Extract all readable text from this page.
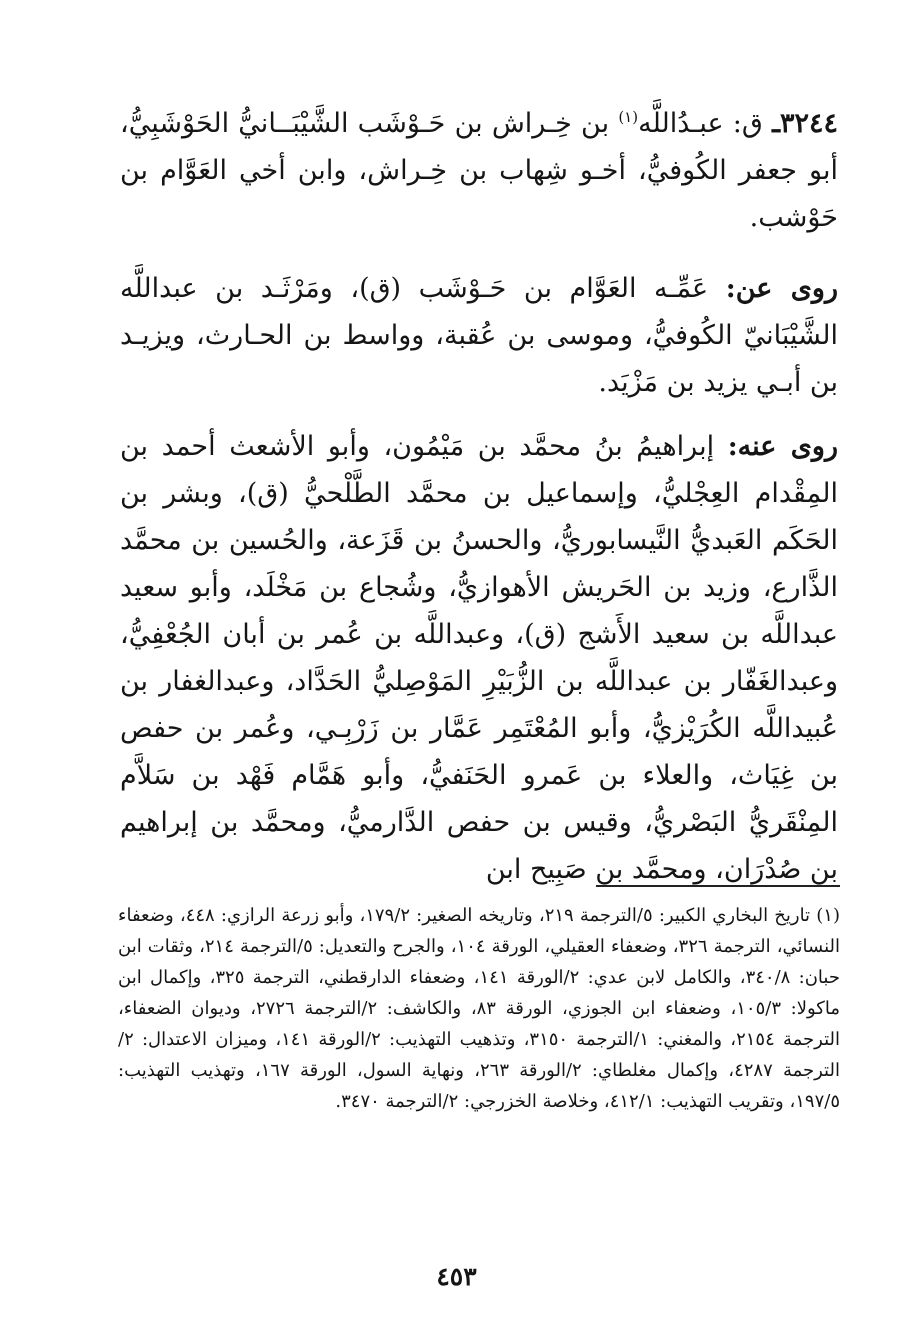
٣٢٤٤ـ ق: عبـدُاللَّه$^{(١)}$ بن خِـراش بن حَـوْشَب الشَّيْبَــانيُّ الحَوْشَبِيُّ، أبو جعفر الكُوفيُّ، أخـو شِهاب بن خِـراش، وابن أخي العَوَّام بن حَوْشب.

روى عن: عَمِّـه العَوَّام بن حَـوْشَب (ق)، ومَرْثَـد بن عبداللَّه الشَّيْبَانيّ الكُوفيُّ، وموسى بن عُقبة، وواسط بن الحـارث، ويزيـد بن أبـي يزيد بن مَزْيَد.

روى عنه: إبراهيمُ بنُ محمَّد بن مَيْمُون، وأبو الأشعث أحمد بن المِقْدام العِجْليُّ، وإسماعيل بن محمَّد الطَّلْحيُّ (ق)، وبشر بن الحَكَم العَبديُّ النَّيسابوريُّ، والحسنُ بن قَزَعة، والحُسين بن محمَّد الذَّارع، وزيد بن الحَريش الأهوازيُّ، وشُجاع بن مَخْلَد، وأبو سعيد عبداللَّه بن سعيد الأَشج (ق)، وعبداللَّه بن عُمر بن أبان الجُعْفِيُّ، وعبدالغَفّار بن عبداللَّه بن الزُّبَيْرِ المَوْصِليُّ الحَدَّاد، وعبدالغفار بن عُبيداللَّه الكُرَيْزيُّ، وأبو المُعْتَمِر عَمَّار بن زَرْبِـي، وعُمر بن حفص بن غِيَاث، والعلاء بن عَمرو الحَنَفيُّ، وأبو هَمَّام فَهْد بن سَلاَّم المِنْقَريُّ البَصْريُّ، وقيس بن حفص الدَّارميُّ، ومحمَّد بن إبراهيم بن صُدْرَان، ومحمَّد بن صَبِيح ابن

(١) تاريخ البخاري الكبير: ٥/الترجمة ٢١٩، وتاريخه الصغير: ١٧٩/٢، وأبو زرعة الرازي: ٤٤٨، وضعفاء النسائي، الترجمة ٣٢٦، وضعفاء العقيلي، الورقة ١٠٤، والجرح والتعديل: ٥/الترجمة ٢١٤، وثقات ابن حبان: ٣٤٠/٨، والكامل لابن عدي: ٢/الورقة ١٤١، وضعفاء الدارقطني، الترجمة ٣٢٥، وإكمال ابن ماكولا: ١٠٥/٣، وضعفاء ابن الجوزي، الورقة ٨٣، والكاشف: ٢/الترجمة ٢٧٢٦، وديوان الضعفاء، الترجمة ٢١٥٤، والمغني: ١/الترجمة ٣١٥٠، وتذهيب التهذيب: ٢/الورقة ١٤١، وميزان الاعتدال: ٢/الترجمة ٤٢٨٧، وإكمال مغلطاي: ٢/الورقة ٢٦٣، ونهاية السول، الورقة ١٦٧، وتهذيب التهذيب: ١٩٧/٥، وتقريب التهذيب: ٤١٢/١، وخلاصة الخزرجي: ٢/الترجمة ٣٤٧٠.

٤٥٣
